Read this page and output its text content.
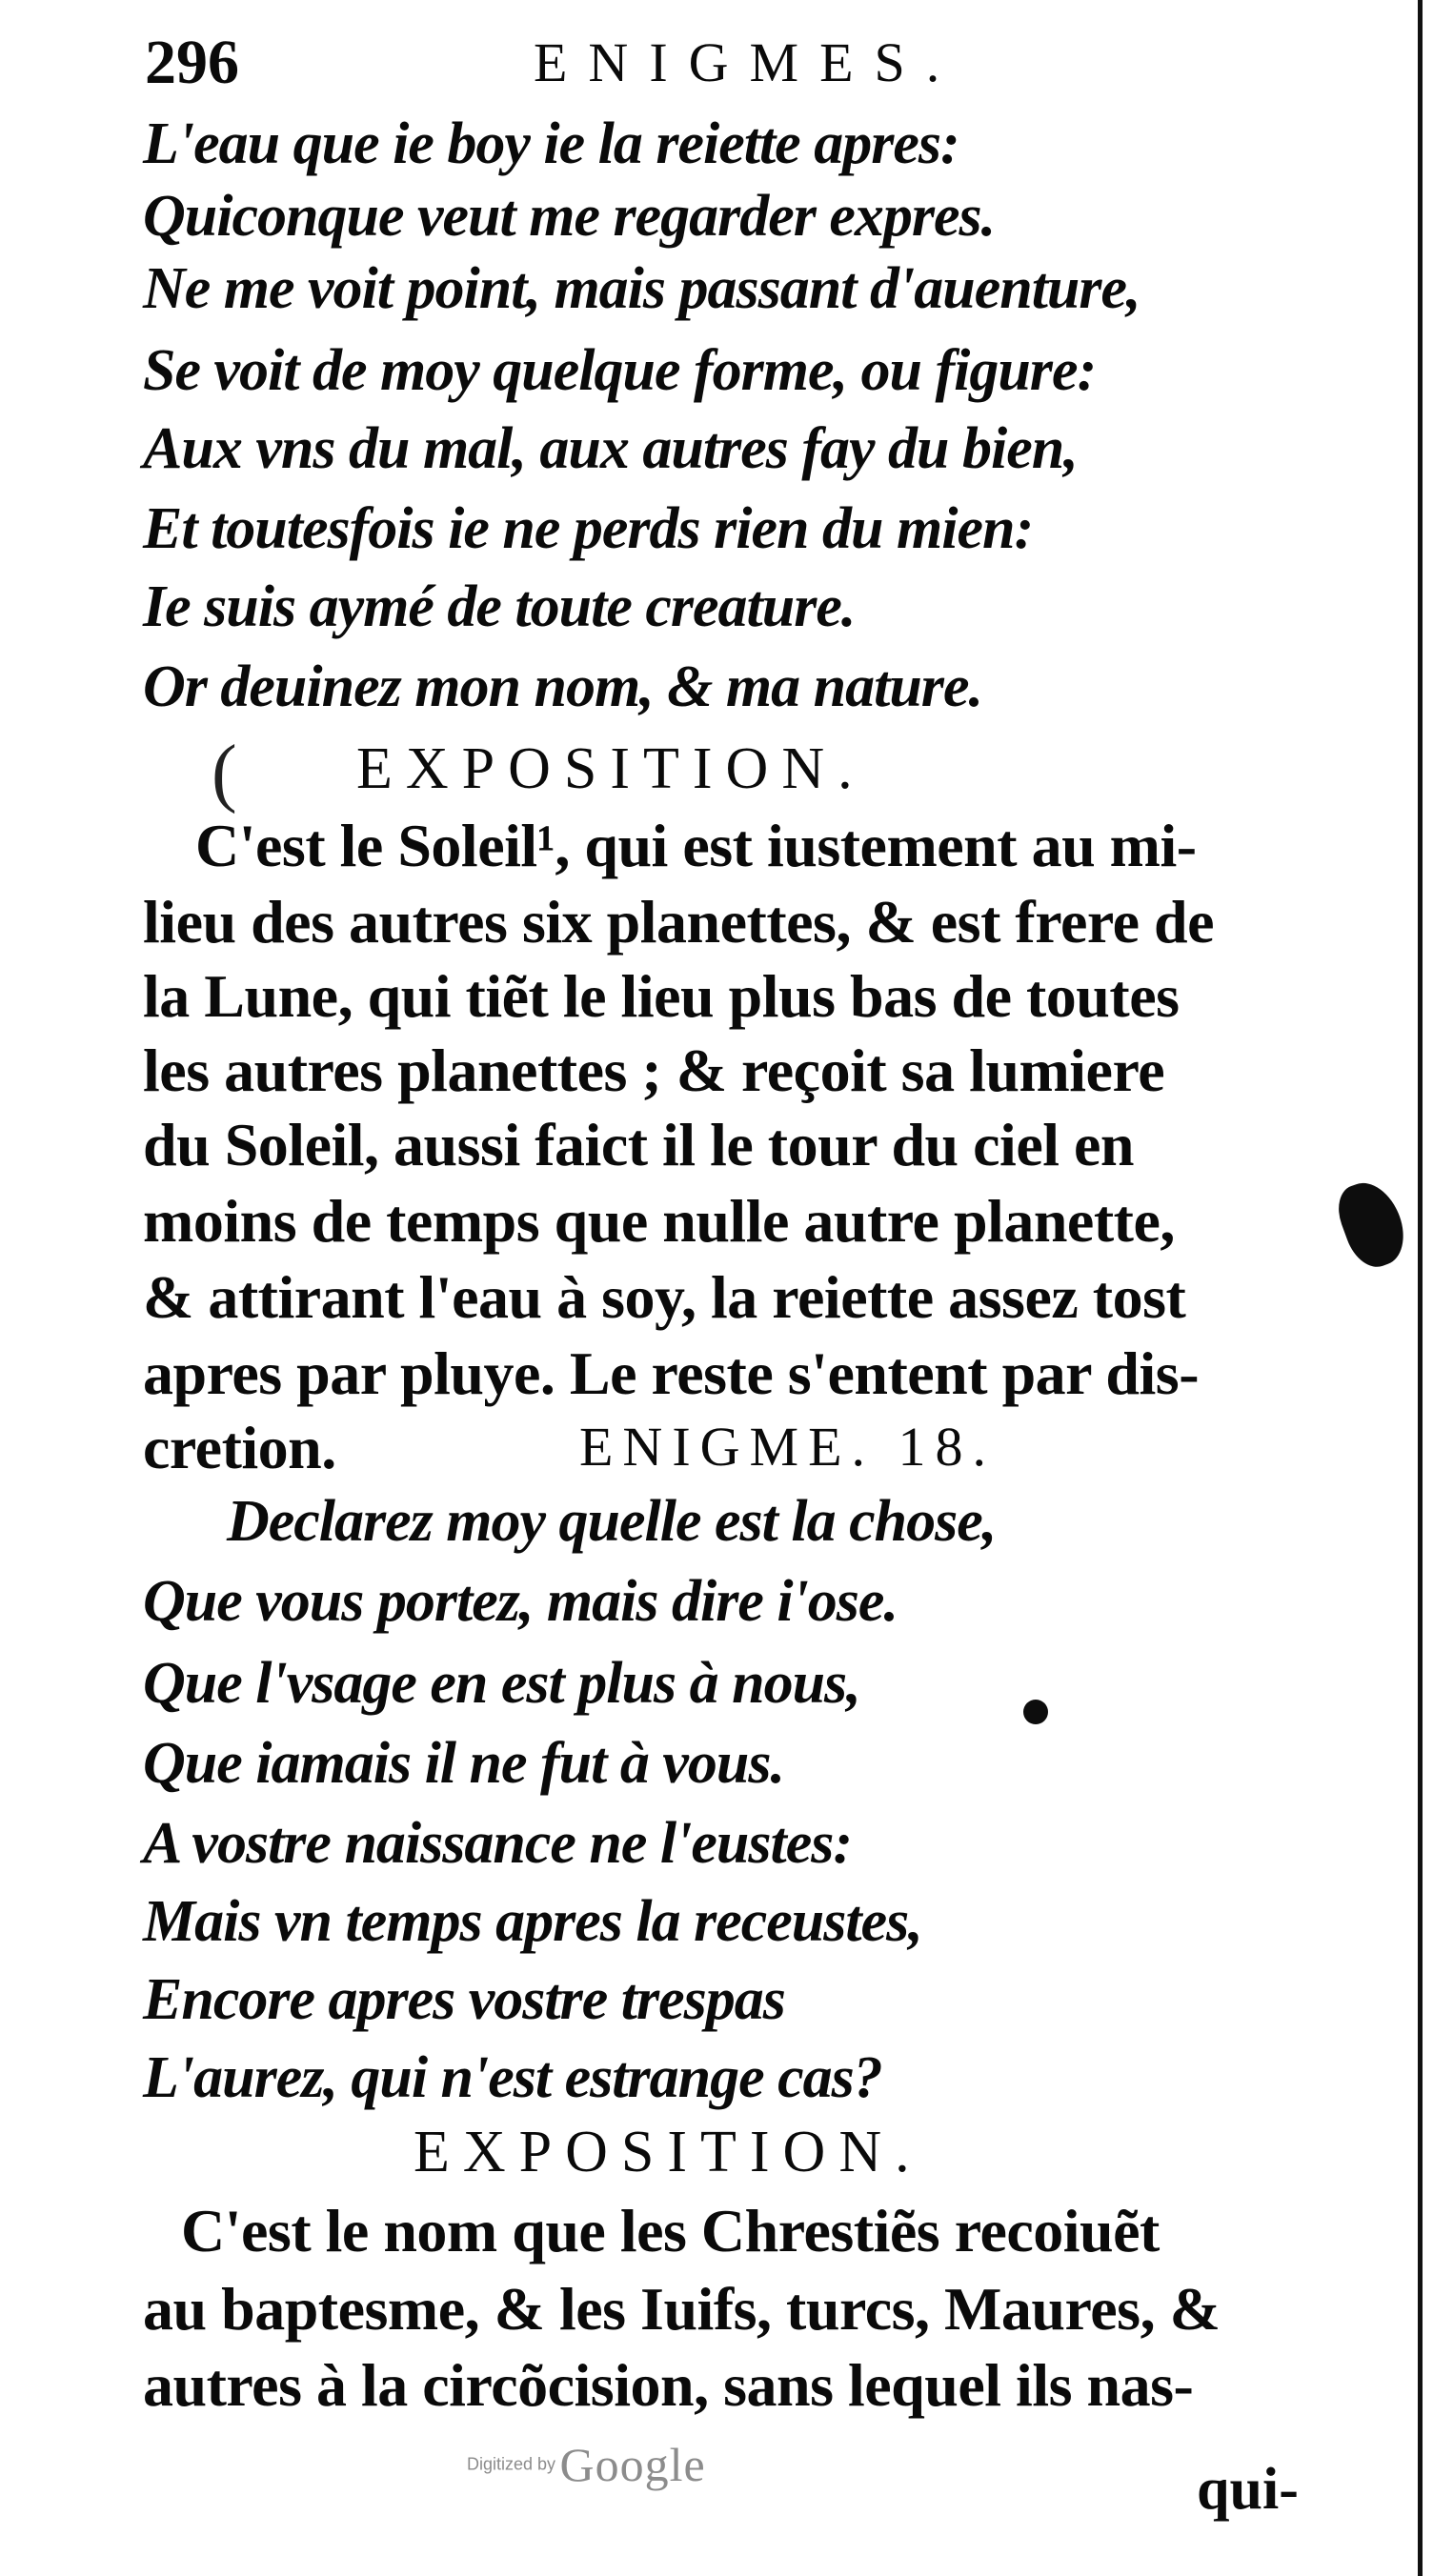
296	ENIGMES.
L'eau que ie boy ie la reiette apres:
Quiconque veut me regarder expres.
Ne me voit point, mais passant d'auenture,
Se voit de moy quelque forme, ou figure:
Aux vns du mal, aux autres fay du bien,
Et toutesfois ie ne perds rien du mien:
Ie suis aymé de toute creature.
Or deuinez mon nom, & ma nature.
( EXPOSITION.
C'est le Soleil¹, qui est iustement au mi-
lieu des autres six planettes, & est frere de
la Lune, qui tiẽt le lieu plus bas de toutes
les autres planettes ; & reçoit sa lumiere
du Soleil, aussi faict il le tour du ciel en
moins de temps que nulle autre planette,
& attirant l'eau à soy, la reiette assez tost
apres par pluye. Le reste s'entent par dis-
cretion.	ENIGME. 18.
Declarez moy quelle est la chose,
Que vous portez, mais dire i'ose.
Que l'vsage en est plus à nous,
Que iamais il ne fut à vous.
A vostre naissance ne l'eustes:
Mais vn temps apres la receustes,
Encore apres vostre trespas
L'aurez, qui n'est estrange cas?
EXPOSITION.
C'est le nom que les Chrestiẽs recoiuẽt
au baptesme, & les Iuifs, turcs, Maures, &
autres à la circõcision, sans lequel ils nas-
Digitized by Google	qui-
